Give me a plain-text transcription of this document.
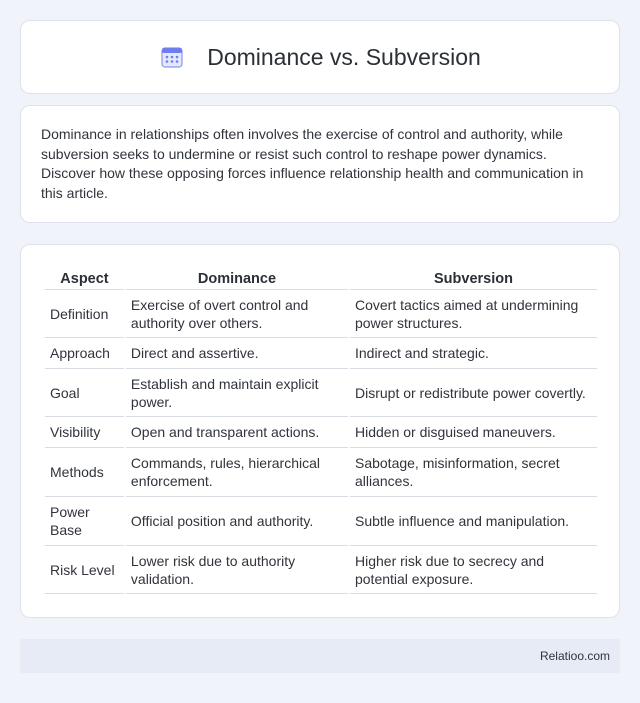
Dominance vs. Subversion

Dominance in relationships often involves the exercise of control and authority, while subversion seeks to undermine or resist such control to reshape power dynamics. Discover how these opposing forces influence relationship health and communication in this article.

Aspect	Dominance	Subversion
Definition	Exercise of overt control and authority over others.	Covert tactics aimed at undermining power structures.
Approach	Direct and assertive.	Indirect and strategic.
Goal	Establish and maintain explicit power.	Disrupt or redistribute power covertly.
Visibility	Open and transparent actions.	Hidden or disguised maneuvers.
Methods	Commands, rules, hierarchical enforcement.	Sabotage, misinformation, secret alliances.
Power Base	Official position and authority.	Subtle influence and manipulation.
Risk Level	Lower risk due to authority validation.	Higher risk due to secrecy and potential exposure.
Relatioo.com
